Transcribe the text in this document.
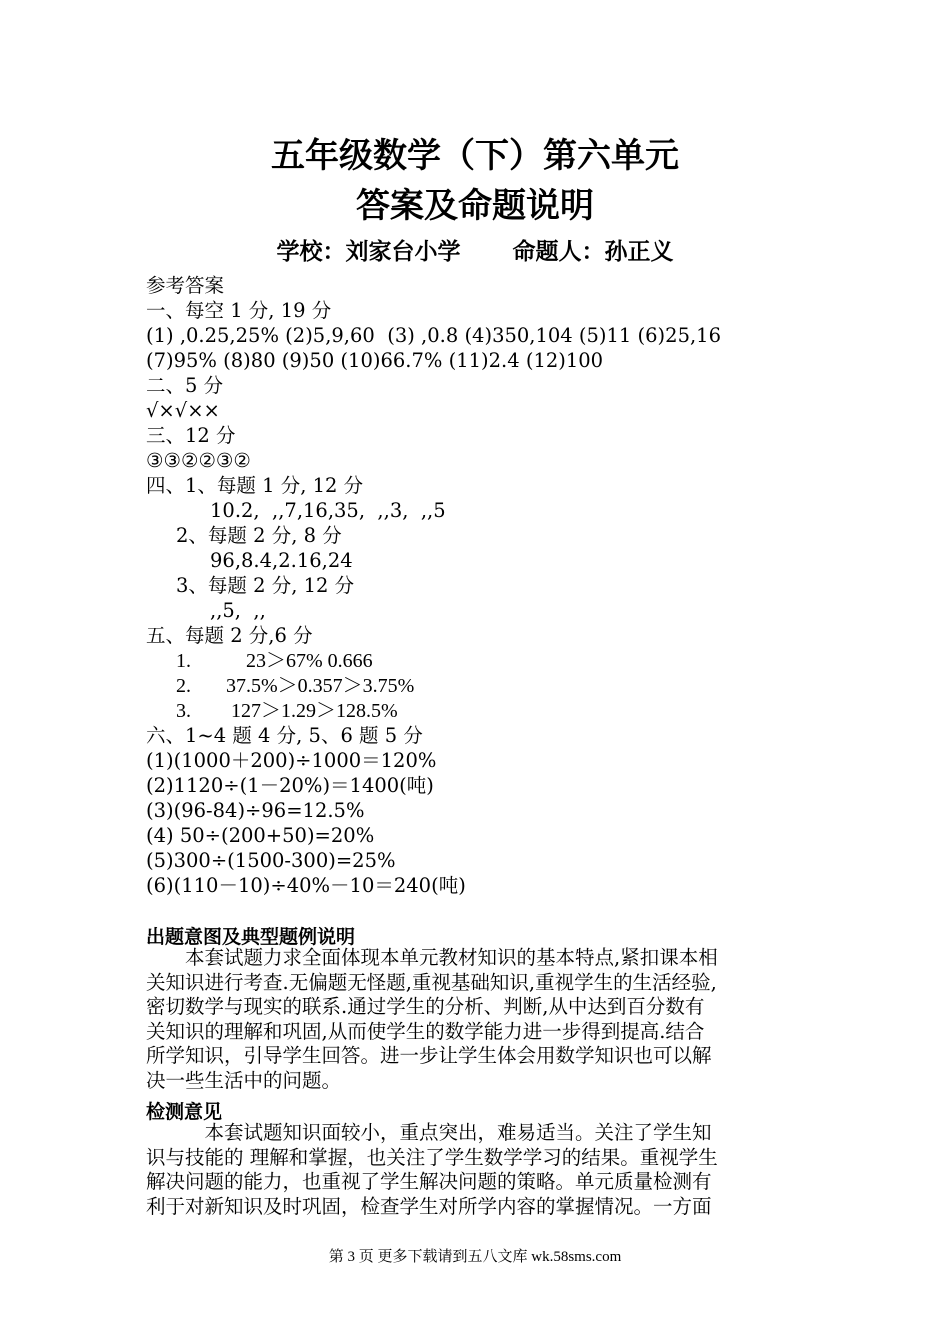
五年级数学（下）第六单元
答案及命题说明
学校：刘家台小学 命题人：孙正义
参考答案
一、每空 1 分, 19 分
(1) ,0.25,25% (2)5,9,60  (3) ,0.8 (4)350,104 (5)11 (6)25,16
(7)95% (8)80 (9)50 (10)66.7% (11)2.4 (12)100
二、5 分
√×√××
三、12 分
③③②②③②
四、1、每题 1 分, 12 分
10.2,  ,,7,16,35,  ,,3,  ,,5
2、每题 2 分, 8 分
96,8.4,2.16,24
3、每题 2 分, 12 分
,,5,  ,,
五、每题 2 分,6 分
1.           23＞67% 0.666
2.       37.5%＞0.357＞3.75%
3.        127＞1.29＞128.5%
六、1~4 题 4 分, 5、6 题 5 分
(1)(1000＋200)÷1000＝120%
(2)1120÷(1－20%)＝1400(吨)
(3)(96-84)÷96=12.5%
(4) 50÷(200+50)=20%
(5)300÷(1500-300)=25%
(6)(110－10)÷40%－10＝240(吨)
出题意图及典型题例说明
　　本套试题力求全面体现本单元教材知识的基本特点,紧扣课本相
关知识进行考查.无偏题无怪题,重视基础知识,重视学生的生活经验,
密切数学与现实的联系.通过学生的分析、判断,从中达到百分数有
关知识的理解和巩固,从而使学生的数学能力进一步得到提高.结合
所学知识，引导学生回答。进一步让学生体会用数学知识也可以解
决一些生活中的问题。
检测意见
　　　本套试题知识面较小，重点突出，难易适当。关注了学生知
识与技能的 理解和掌握，也关注了学生数学学习的结果。重视学生
解决问题的能力，也重视了学生解决问题的策略。单元质量检测有
利于对新知识及时巩固，检查学生对所学内容的掌握情况。一方面
第 3 页 更多下载请到五八文库 wk.58sms.com
